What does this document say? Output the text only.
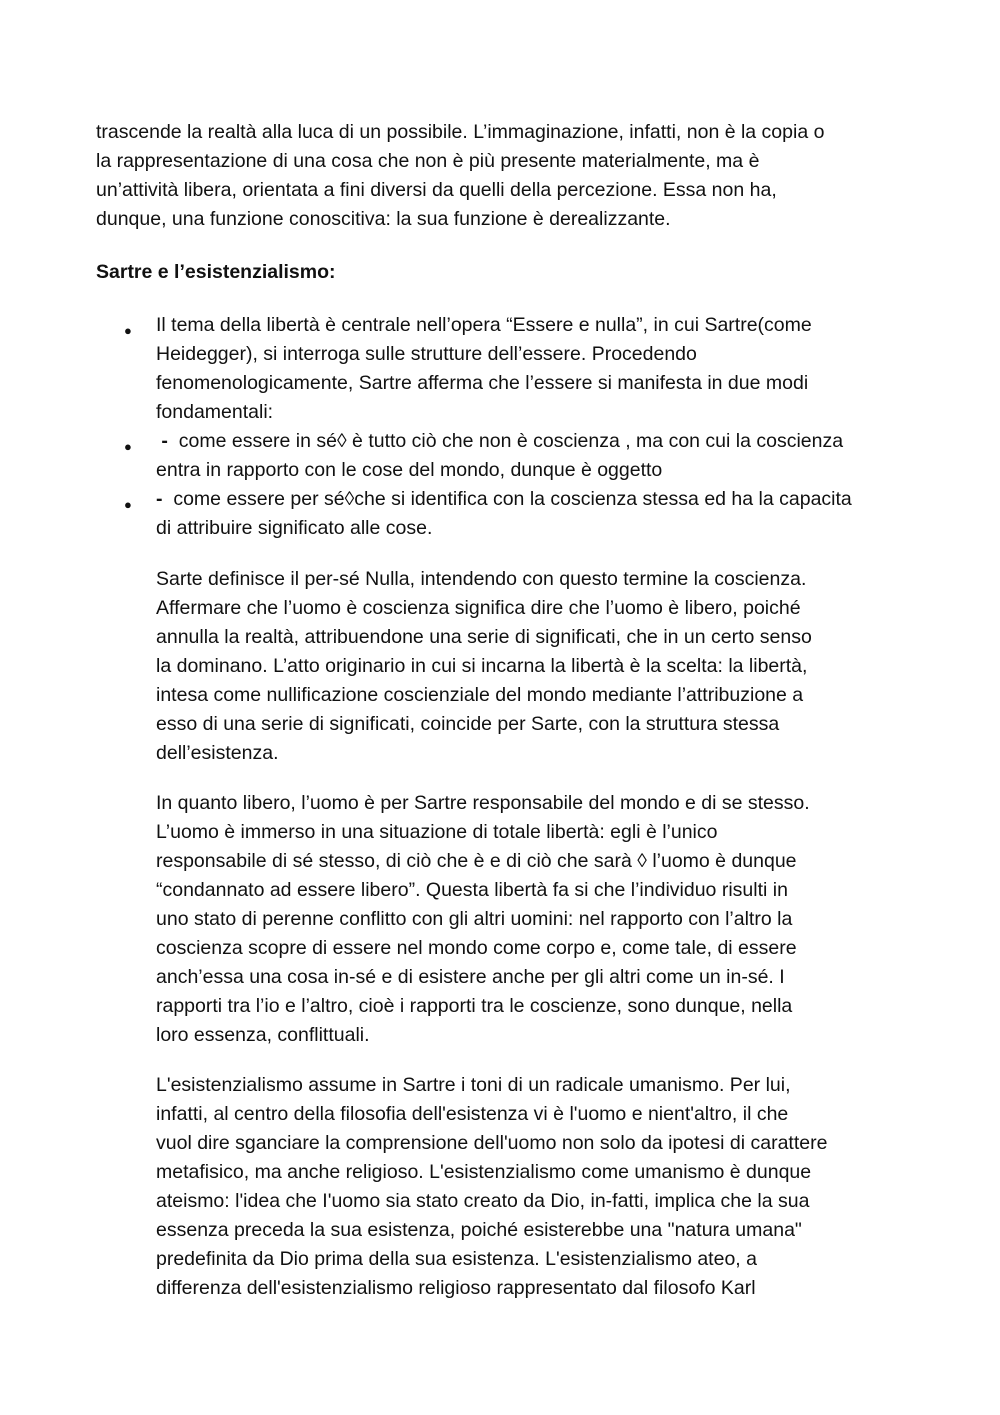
trascende la realtà alla luca di un possibile. L’immaginazione, infatti, non è la copia o
la rappresentazione di una cosa che non è più presente materialmente, ma è
un’attività libera, orientata a fini diversi da quelli della percezione. Essa non ha,
dunque, una funzione conoscitiva: la sua funzione è derealizzante.
Sartre e l’esistenzialismo:
● Il tema della libertà è centrale nell’opera “Essere e nulla”, in cui Sartre(come
Heidegger), si interroga sulle strutture dell’essere. Procedendo
fenomenologicamente, Sartre afferma che l’essere si manifesta in due modi
fondamentali:
● -  come essere in sé◊ è tutto ciò che non è coscienza , ma con cui la coscienza
entra in rapporto con le cose del mondo, dunque è oggetto
● -  come essere per sé◊che si identifica con la coscienza stessa ed ha la capacita
di attribuire significato alle cose.
Sarte definisce il per-sé Nulla, intendendo con questo termine la coscienza.
Affermare che l’uomo è coscienza significa dire che l’uomo è libero, poiché
annulla la realtà, attribuendone una serie di significati, che in un certo senso
la dominano. L’atto originario in cui si incarna la libertà è la scelta: la libertà,
intesa come nullificazione coscienziale del mondo mediante l’attribuzione a
esso di una serie di significati, coincide per Sarte, con la struttura stessa
dell’esistenza.
In quanto libero, l’uomo è per Sartre responsabile del mondo e di se stesso.
L’uomo è immerso in una situazione di totale libertà: egli è l’unico
responsabile di sé stesso, di ciò che è e di ciò che sarà ◊ l’uomo è dunque
“condannato ad essere libero”. Questa libertà fa si che l’individuo risulti in
uno stato di perenne conflitto con gli altri uomini: nel rapporto con l’altro la
coscienza scopre di essere nel mondo come corpo e, come tale, di essere
anch’essa una cosa in-sé e di esistere anche per gli altri come un in-sé. I
rapporti tra l’io e l’altro, cioè i rapporti tra le coscienze, sono dunque, nella
loro essenza, conflittuali.
L'esistenzialismo assume in Sartre i toni di un radicale umanismo. Per lui,
infatti, al centro della filosofia dell'esistenza vi è l'uomo e nient'altro, il che
vuol dire sganciare la comprensione dell'uomo non solo da ipotesi di carattere
metafisico, ma anche religioso. L'esistenzialismo come umanismo è dunque
ateismo: l'idea che I'uomo sia stato creato da Dio, in-fatti, implica che la sua
essenza preceda la sua esistenza, poiché esisterebbe una "natura umana"
predefinita da Dio prima della sua esistenza. L'esistenzialismo ateo, a
differenza dell'esistenzialismo religioso rappresentato dal filosofo Karl
